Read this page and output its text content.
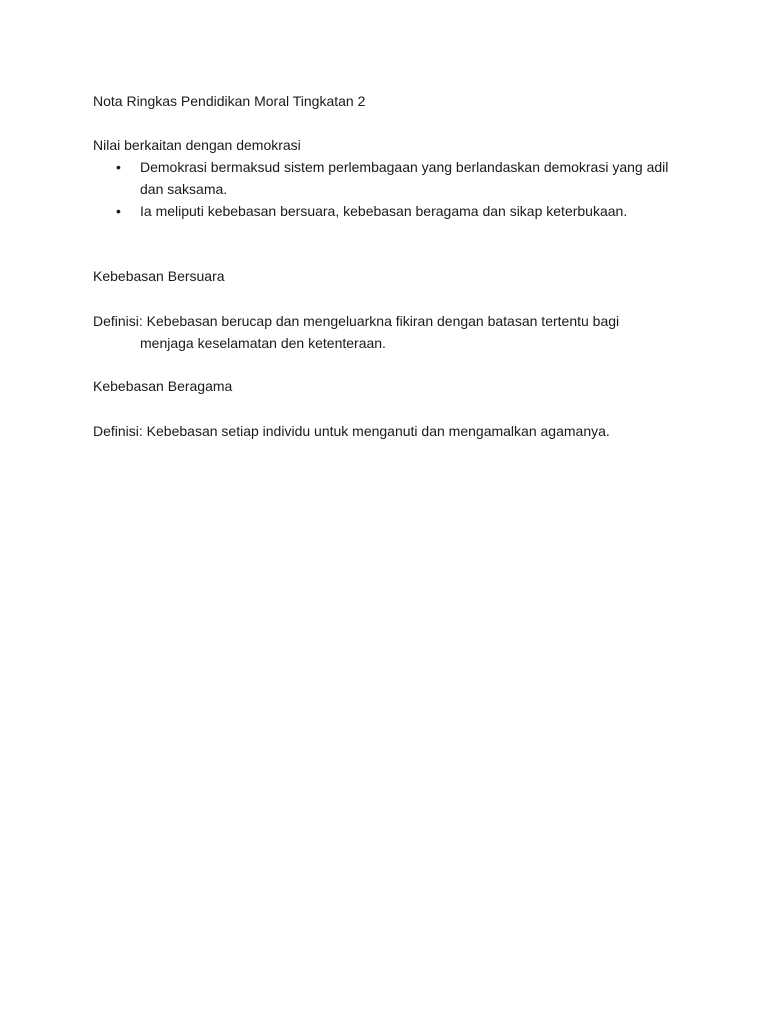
Nota Ringkas Pendidikan Moral Tingkatan 2
Nilai berkaitan dengan demokrasi
• Demokrasi bermaksud sistem perlembagaan yang berlandaskan demokrasi yang adil
dan saksama.
• Ia meliputi kebebasan bersuara, kebebasan beragama dan sikap keterbukaan.
Kebebasan Bersuara
Definisi: Kebebasan berucap dan mengeluarkna fikiran dengan batasan tertentu bagi
menjaga keselamatan den ketenteraan.
Kebebasan Beragama
Definisi: Kebebasan setiap individu untuk menganuti dan mengamalkan agamanya.
